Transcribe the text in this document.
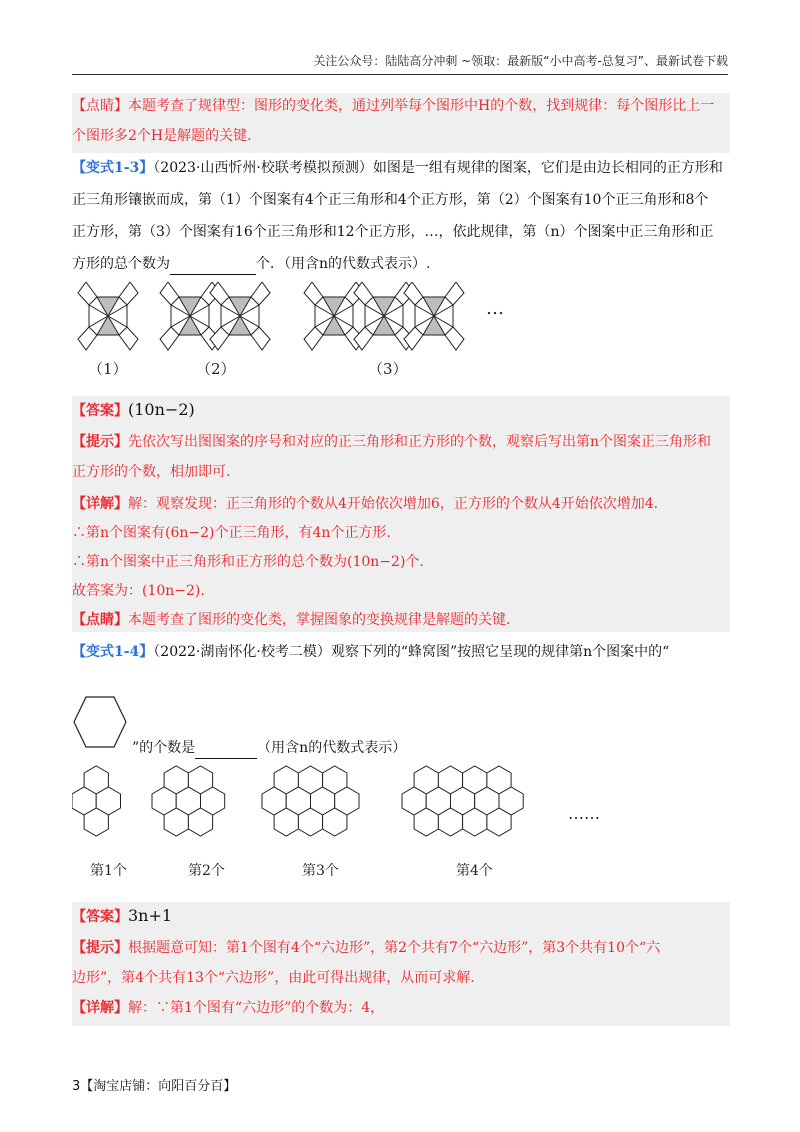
关注公众号：陆陆高分冲刺 ~领取：最新版“小中高考-总复习”、最新试卷下载
【点睛】本题考查了规律型：图形的变化类，通过列举每个图形中H的个数，找到规律：每个图形比上一
个图形多2个H是解题的关键.
【变式1-3】（2023·山西忻州·校联考模拟预测）如图是一组有规律的图案，它们是由边长相同的正方形和
正三角形镶嵌而成，第（1）个图案有4个正三角形和4个正方形，第（2）个图案有10个正三角形和8个
正方形，第（3）个图案有16个正三角形和12个正方形，…，依此规律，第（n）个图案中正三角形和正
方形的总个数为	个．（用含n的代数式表示）.
（1）	（2）	（3）
…
【答案】(10n−2)
【提示】先依次写出图图案的序号和对应的正三角形和正方形的个数，观察后写出第n个图案正三角形和
正方形的个数，相加即可.
【详解】解：观察发现：正三角形的个数从4开始依次增加6，正方形的个数从4开始依次增加4.
∴第n个图案有(6n−2)个正三角形，有4n个正方形.
∴第n个图案中正三角形和正方形的总个数为(10n−2)个.
故答案为：(10n−2).
【点睛】本题考查了图形的变化类，掌握图象的变换规律是解题的关键.
【变式1-4】（2022·湖南怀化·校考二模）观察下列的“蜂窝图”按照它呈现的规律第n个图案中的“
”的个数是	（用含n的代数式表示）
第1个	第2个	第3个	第4个
……
【答案】3n+1
【提示】根据题意可知：第1个图有4个“六边形”，第2个共有7个“六边形”，第3个共有10个“六
边形”，第4个共有13个“六边形”，由此可得出规律，从而可求解.
【详解】解：∵第1个图有“六边形”的个数为：4，
3【淘宝店铺：向阳百分百】
